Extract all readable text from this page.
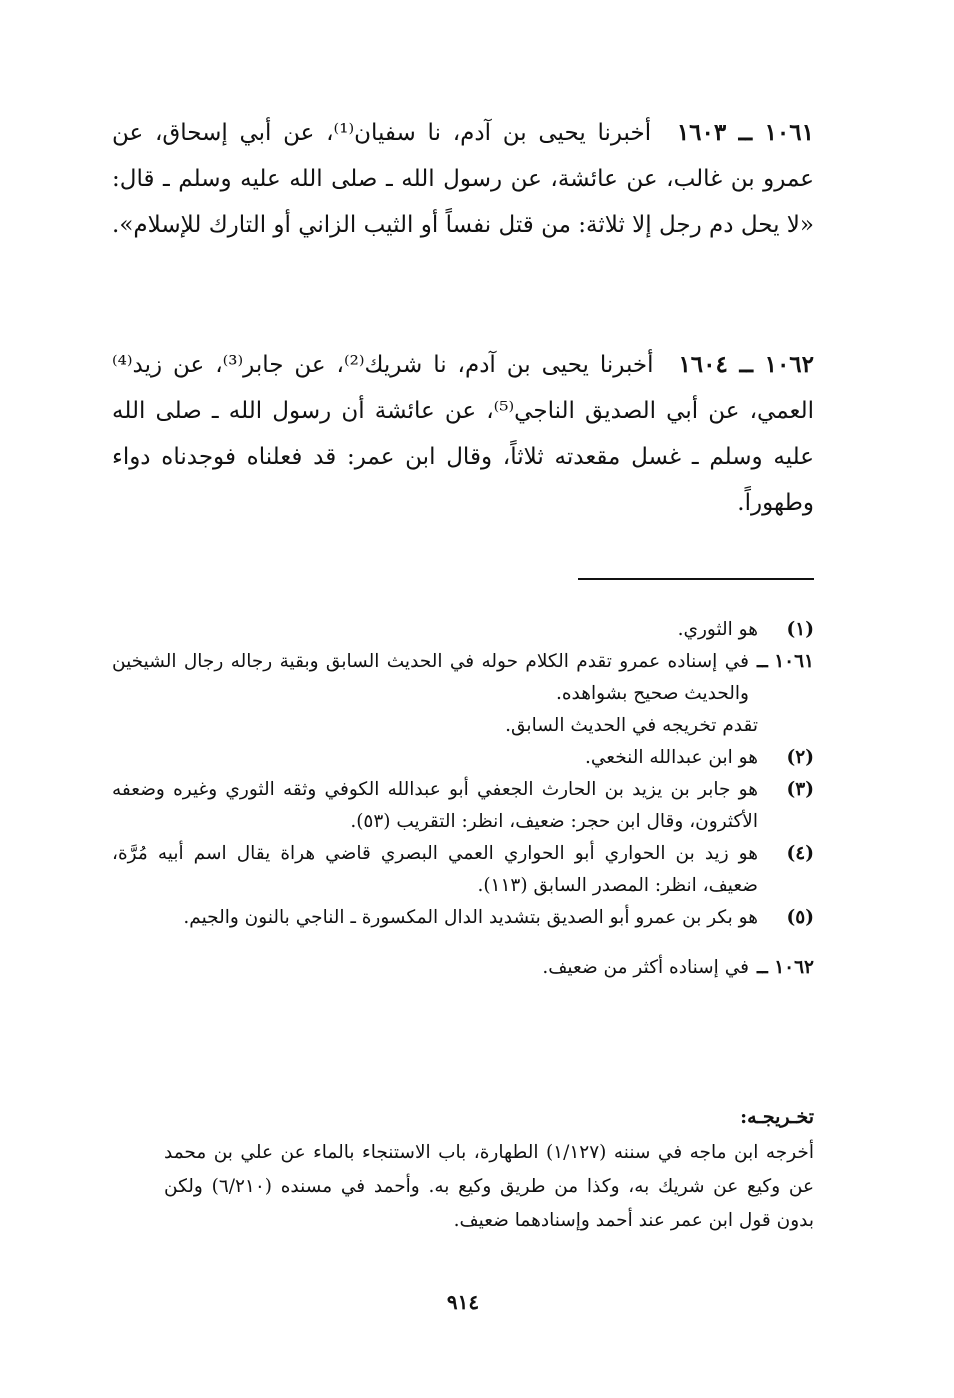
١٠٦١ ــ ١٦٠٣ أخبرنا يحيى بن آدم، نا سفيان⁽¹⁾، عن أبي إسحاق، عن عمرو بن غالب، عن عائشة، عن رسول الله ـ صلى الله عليه وسلم ـ قال: «لا يحل دم رجل إلا ثلاثة: من قتل نفساً أو الثيب الزاني أو التارك للإسلام».

١٠٦٢ ــ ١٦٠٤ أخبرنا يحيى بن آدم، نا شريك⁽²⁾، عن جابر⁽³⁾، عن زيد⁽⁴⁾ العمي، عن أبي الصديق الناجي⁽⁵⁾، عن عائشة أن رسول الله ـ صلى الله عليه وسلم ـ غسل مقعدته ثلاثاً، وقال ابن عمر: قد فعلناه فوجدناه دواء وطهوراً.

(١)
هو الثوري.
١٠٦١ ــ
في إسناده عمرو تقدم الكلام حوله في الحديث السابق وبقية رجاله رجال الشيخين والحديث صحيح بشواهده.
تقدم تخريجه في الحديث السابق.
(٢)
هو ابن عبدالله النخعي.
(٣)
هو جابر بن يزيد بن الحارث الجعفي أبو عبدالله الكوفي وثقه الثوري وغيره وضعفه الأكثرون، وقال ابن حجر: ضعيف، انظر: التقريب (٥٣).
(٤)
هو زيد بن الحواري أبو الحواري العمي البصري قاضي هراة يقال اسم أبيه مُرَّة، ضعيف، انظر: المصدر السابق (١١٣).
(٥)
هو بكر بن عمرو أبو الصديق بتشديد الدال المكسورة ـ الناجي بالنون والجيم.
١٠٦٢ ــ
في إسناده أكثر من ضعيف.
تخـريجـه:

أخرجه ابن ماجه في سننه (١/١٢٧) الطهارة، باب الاستنجاء بالماء عن علي بن محمد عن وكيع عن شريك به، وكذا من طريق وكيع به. وأحمد في مسنده (٦/٢١٠) ولكن بدون قول ابن عمر عند أحمد وإسنادهما ضعيف.

٩١٤
